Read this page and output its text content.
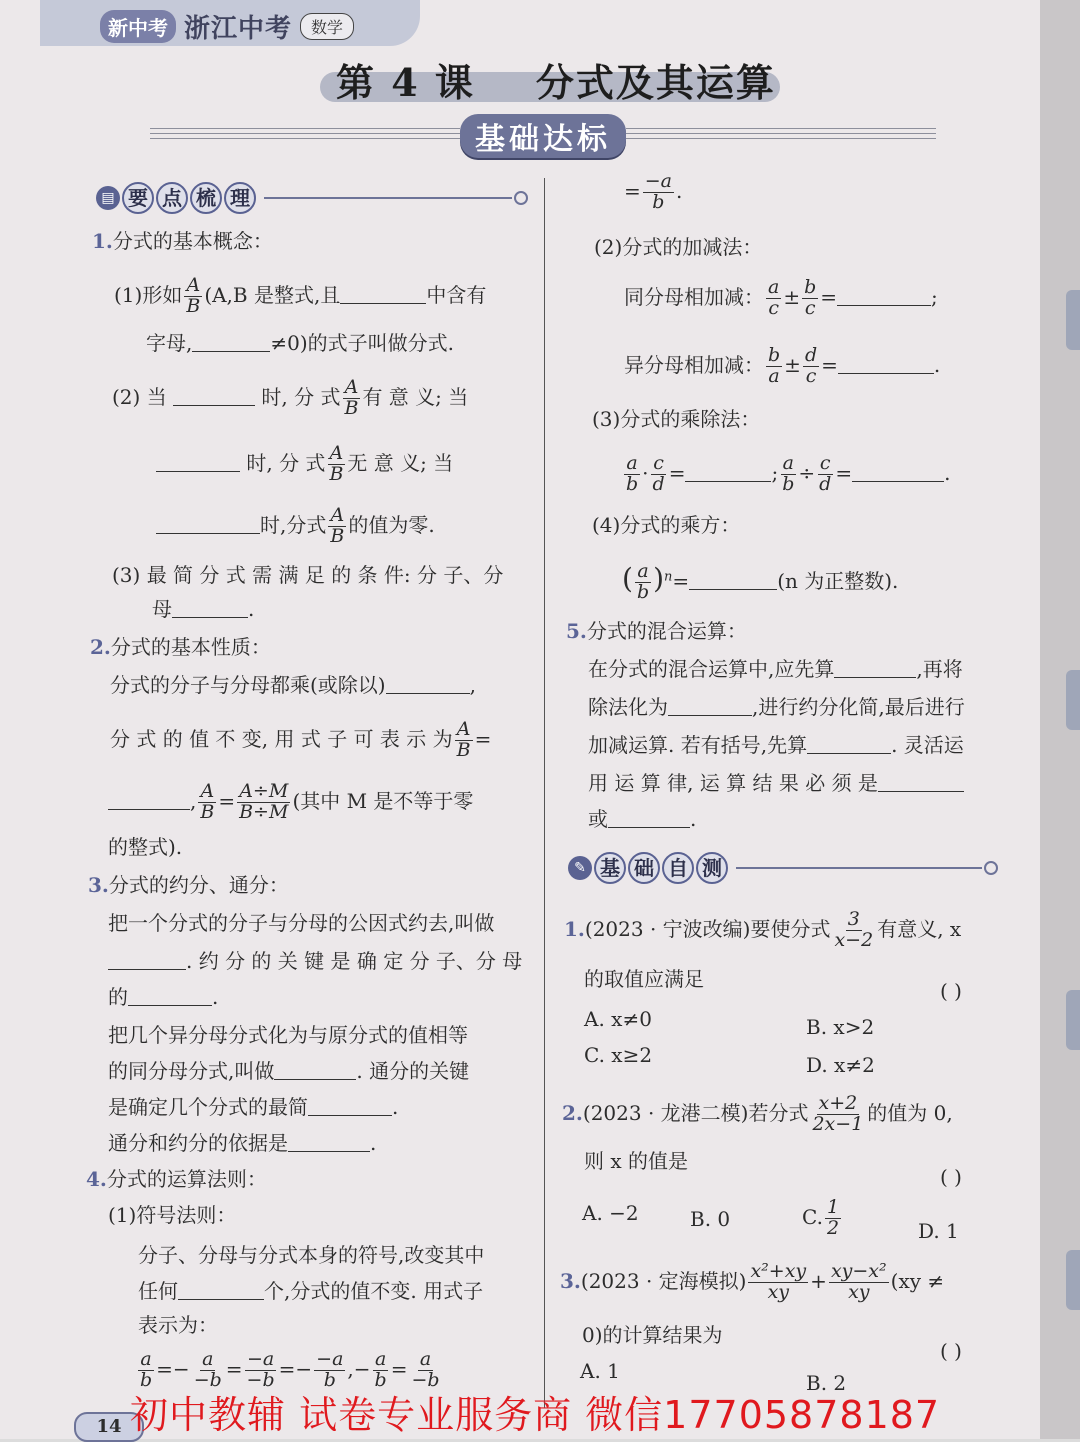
新中考 浙江中考	数学
第 4 课    分式及其运算
基础达标
▤ 要 点 梳 理

1.分式的基本概念：

(1)形如 $\frac{A}{B} (A,B$ 是整式,且	中含有

字母,	≠0)的式子叫做分式.

(2) 当	时, 分 式 $\frac{A}{B}$ 有 意 义; 当

时, 分 式 $\frac{A}{B}$ 无 意 义; 当

时,分式 $\frac{A}{B}$ 的值为零.

(3) 最 简 分 式 需 满 足 的 条 件: 分 子、分

母	.

2.分式的基本性质：

分式的分子与分母都乘(或除以)	,

分 式 的 值 不 变, 用 式 子 可 表 示 为 $\frac{A}{B}$ =

, $\frac{A}{B} = \frac{A\div M}{B\div M}$ (其中 M 是不等于零

的整式).

3.分式的约分、通分：

把一个分式的分子与分母的公因式约去,叫做

. 约 分 的 关 键 是 确 定 分 子、分 母

的	.

把几个异分母分式化为与原分式的值相等

的同分母分式,叫做	. 通分的关键

是确定几个分式的最简	.

通分和约分的依据是	.

4.分式的运算法则：

(1)符号法则：

分子、分母与分式本身的符号,改变其中

任何	个,分式的值不变. 用式子

表示为：

$\frac{a}{b} =- \frac{a}{-b} = \frac{-a}{-b} =- \frac{-a}{b}$ ,− $\frac{a}{b} = \frac{a}{-b}$

= $\frac{-a}{b}$ .

(2)分式的加减法：

同分母相加减： $\frac{a}{c} \pm \frac{b}{c}$ =	;

异分母相加减： $\frac{b}{a} \pm \frac{d}{c}$ =	.

(3)分式的乘除法：

$\frac{a}{b} \cdot \frac{c}{d}$ =	; $\frac{a}{b} \div \frac{c}{d}$ =	.

(4)分式的乘方：

( $\frac{a}{b} )^n=$	(n 为正整数).

5.分式的混合运算：

在分式的混合运算中,应先算	,再将

除法化为	,进行约分化简,最后进行

加减运算. 若有括号,先算	. 灵活运

用 运 算 律, 运 算 结 果 必 须 是

或	.

✎ 基 础 自 测

1.(2023 · 宁波改编)要使分式 $\frac{3}{x-2}$ 有意义, x

的取值应满足	( )

A. x≠0	B. x>2

C. x≥2	D. x≠2

2.(2023 · 龙港二模)若分式 $\frac{x+2}{2x-1}$ 的值为 0,

则 x 的值是

( )

A. −2	B. 0	C. $\frac{1}{2}$	D. 1

3.(2023 · 定海模拟) $\frac{\text{x²+xy}}{xy} + \frac{\text{xy−x²}}{xy} (xy$ ≠

0)的计算结果为

( )

A. 1	B. 2

14 初中教辅 试卷专业服务商 微信17705878187
